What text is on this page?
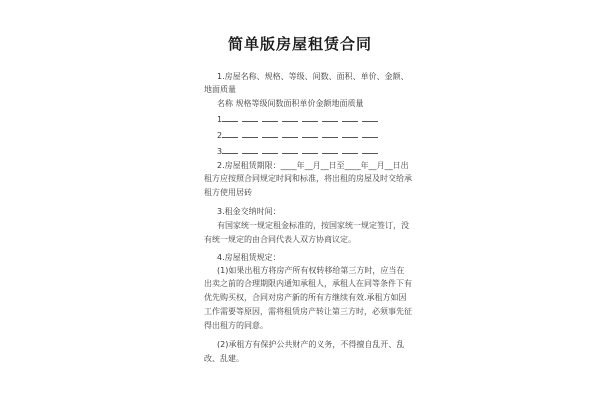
简单版房屋租赁合同
1.房屋名称、规格、等级、间数、面积、单价、金额、
地面质量
名称 规格等级间数面积单价金额地面质量
1
2
3
2.房屋租赁期限：____年__月__日至____年__月__日出
租方应按照合同规定时间和标准，将出租的房屋及时交给承
租方使用居砖
3.租金交纳时间：
有国家统一规定租金标准的，按国家统一规定签订，没
有统一规定的由合同代表人双方协商议定。
4.房屋租赁规定：
(1)如果出租方将房产所有权转移给第三方时，应当在
出卖之前的合理期限内通知承租人，承租人在同等条件下有
优先购买权，合同对房产新的所有方继续有效.承租方如因
工作需要等原因，需将租赁房产转让第三方时，必须事先征
得出租方的同意。
(2)承租方有保护公共财产的义务，不得擅自乱开、乱
改、乱建。
